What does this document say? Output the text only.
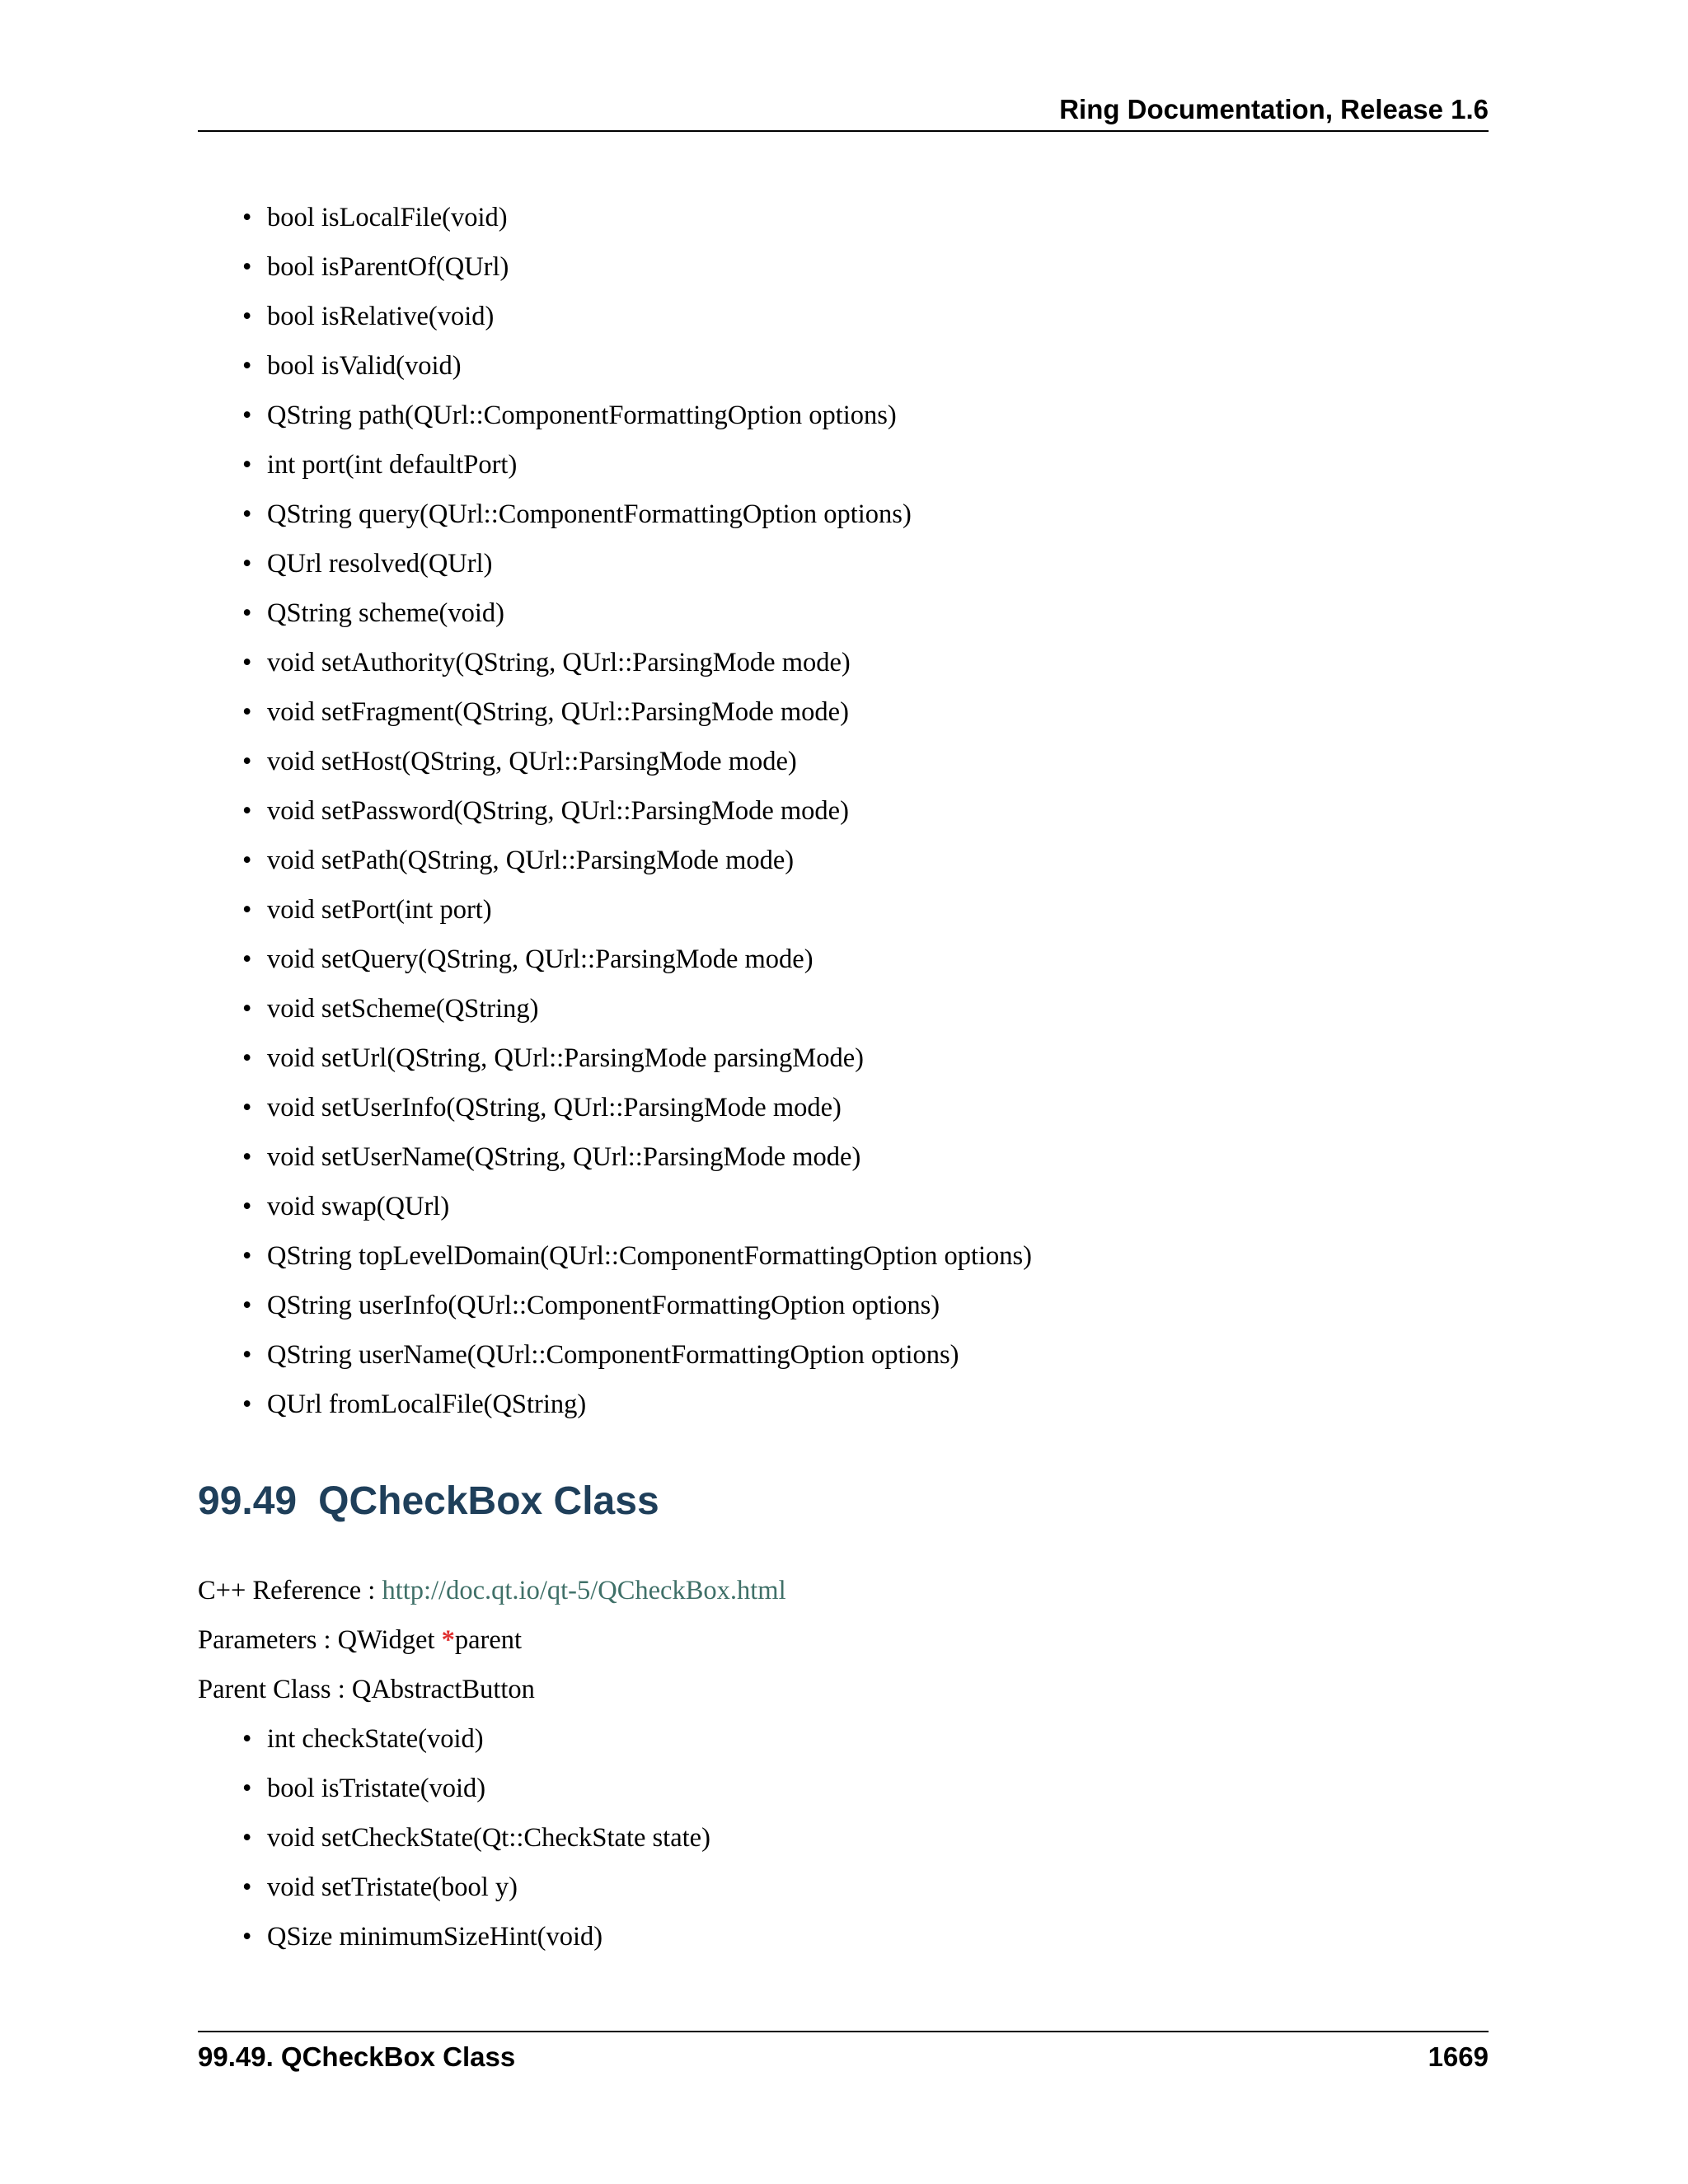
Ring Documentation, Release 1.6
• bool isLocalFile(void)
• bool isParentOf(QUrl)
• bool isRelative(void)
• bool isValid(void)
• QString path(QUrl::ComponentFormattingOption options)
• int port(int defaultPort)
• QString query(QUrl::ComponentFormattingOption options)
• QUrl resolved(QUrl)
• QString scheme(void)
• void setAuthority(QString, QUrl::ParsingMode mode)
• void setFragment(QString, QUrl::ParsingMode mode)
• void setHost(QString, QUrl::ParsingMode mode)
• void setPassword(QString, QUrl::ParsingMode mode)
• void setPath(QString, QUrl::ParsingMode mode)
• void setPort(int port)
• void setQuery(QString, QUrl::ParsingMode mode)
• void setScheme(QString)
• void setUrl(QString, QUrl::ParsingMode parsingMode)
• void setUserInfo(QString, QUrl::ParsingMode mode)
• void setUserName(QString, QUrl::ParsingMode mode)
• void swap(QUrl)
• QString topLevelDomain(QUrl::ComponentFormattingOption options)
• QString userInfo(QUrl::ComponentFormattingOption options)
• QString userName(QUrl::ComponentFormattingOption options)
• QUrl fromLocalFile(QString)
99.49 QCheckBox Class

C++ Reference : http://doc.qt.io/qt-5/QCheckBox.html

Parameters : QWidget *parent

Parent Class : QAbstractButton

• int checkState(void)
• bool isTristate(void)
• void setCheckState(Qt::CheckState state)
• void setTristate(bool y)
• QSize minimumSizeHint(void)
99.49. QCheckBox Class	1669
